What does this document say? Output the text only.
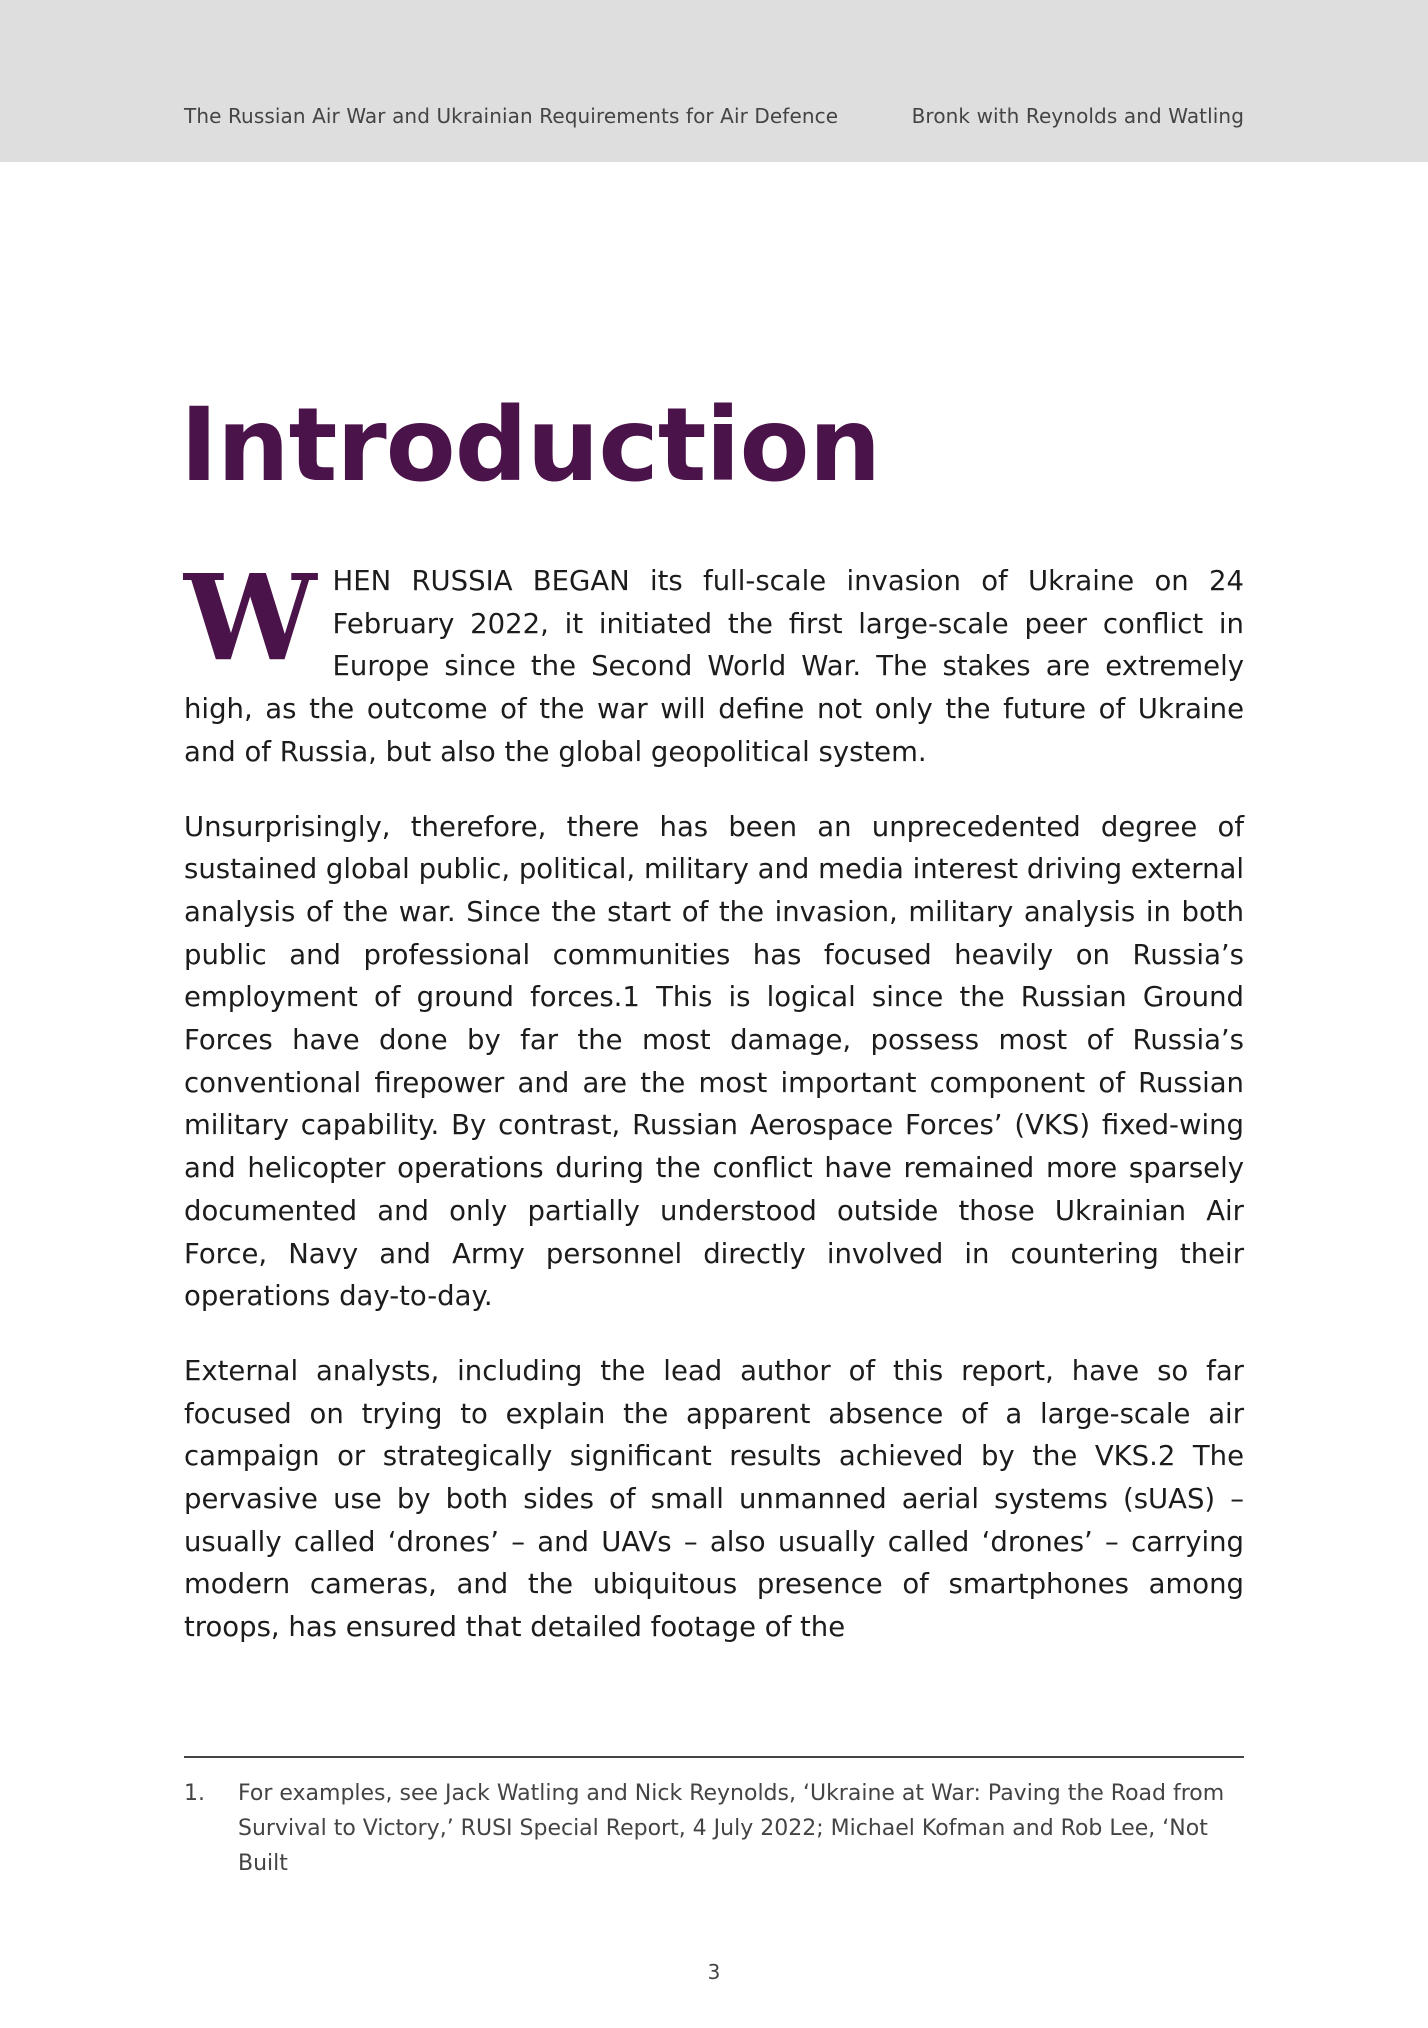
The Russian Air War and Ukrainian Requirements for Air Defence	Bronk with Reynolds and Watling
Introduction

WHEN RUSSIA BEGAN its full-scale invasion of Ukraine on 24 February 2022, it initiated the first large-scale peer conflict in Europe since the Second World War. The stakes are extremely high, as the outcome of the war will define not only the future of Ukraine and of Russia, but also the global geopolitical system.

Unsurprisingly, therefore, there has been an unprecedented degree of sustained global public, political, military and media interest driving external analysis of the war. Since the start of the invasion, military analysis in both public and professional communities has focused heavily on Russia’s employment of ground forces.1 This is logical since the Russian Ground Forces have done by far the most damage, possess most of Russia’s conventional firepower and are the most important component of Russian military capability. By contrast, Russian Aerospace Forces’ (VKS) fixed-wing and helicopter operations during the conflict have remained more sparsely documented and only partially understood outside those Ukrainian Air Force, Navy and Army personnel directly involved in countering their operations day-to-day.

External analysts, including the lead author of this report, have so far focused on trying to explain the apparent absence of a large-scale air campaign or strategically significant results achieved by the VKS.2 The pervasive use by both sides of small unmanned aerial systems (sUAS) – usually called ‘drones’ – and UAVs – also usually called ‘drones’ – carrying modern cameras, and the ubiquitous presence of smartphones among troops, has ensured that detailed footage of the

1. For examples, see Jack Watling and Nick Reynolds, ‘Ukraine at War: Paving the Road from Survival to Victory,’ RUSI Special Report, 4 July 2022; Michael Kofman and Rob Lee, ‘Not Built
3
